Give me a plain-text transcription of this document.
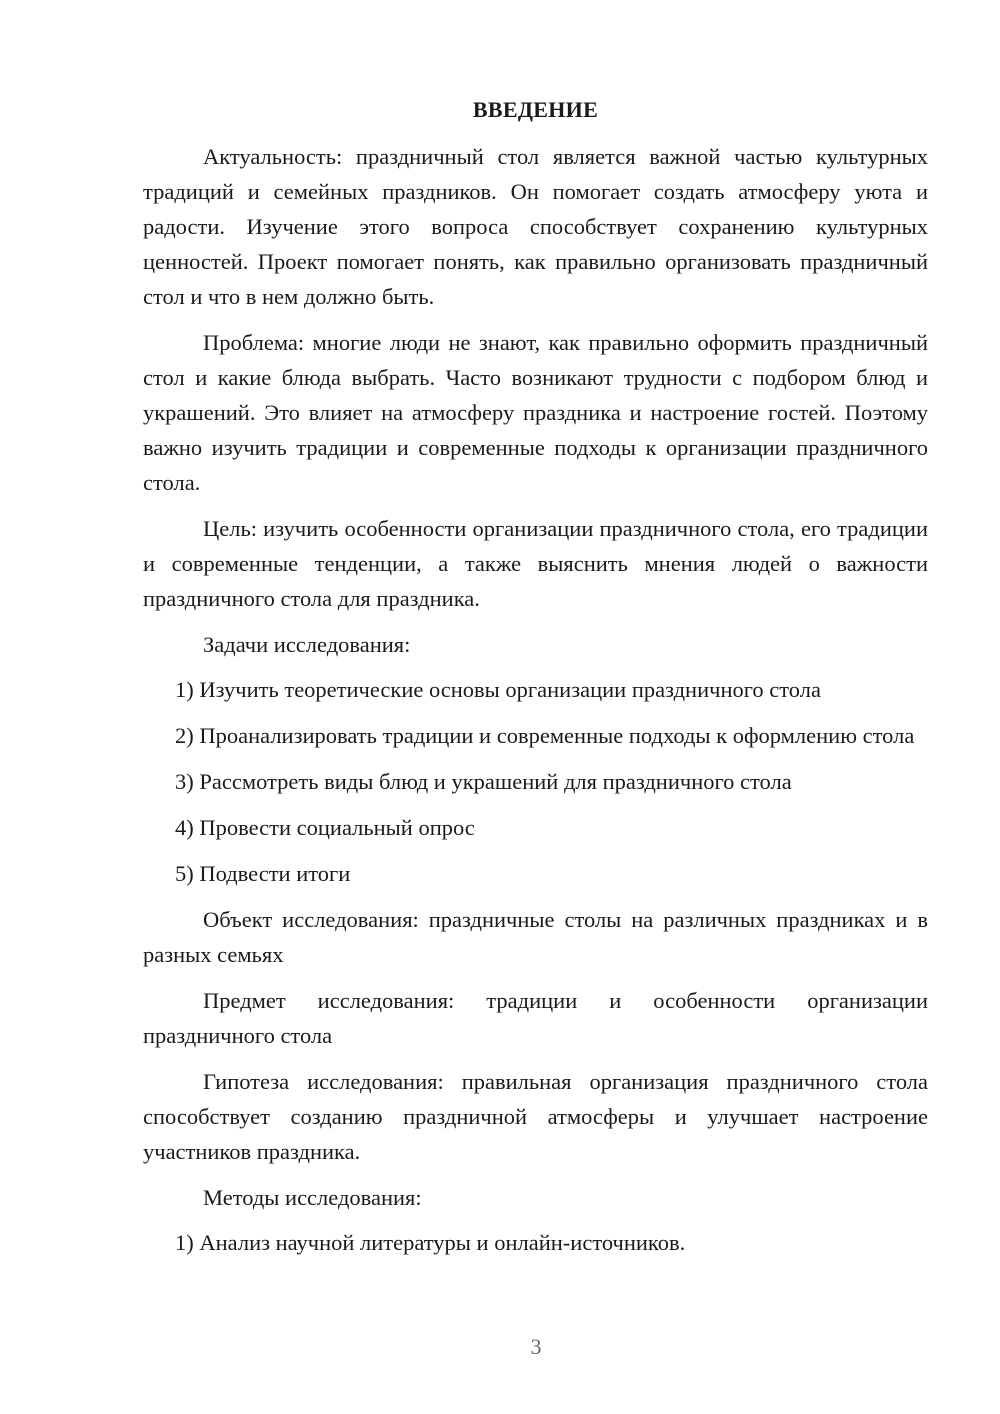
ВВЕДЕНИЕ

Актуальность: праздничный стол является важной частью культурных традиций и семейных праздников. Он помогает создать атмосферу уюта и радости. Изучение этого вопроса способствует сохранению культурных ценностей. Проект помогает понять, как правильно организовать праздничный стол и что в нем должно быть.

Проблема: многие люди не знают, как правильно оформить праздничный стол и какие блюда выбрать. Часто возникают трудности с подбором блюд и украшений. Это влияет на атмосферу праздника и настроение гостей. Поэтому важно изучить традиции и современные подходы к организации праздничного стола.

Цель: изучить особенности организации праздничного стола, его традиции и современные тенденции, а также выяснить мнения людей о важности праздничного стола для праздника.

Задачи исследования:

1) Изучить теоретические основы организации праздничного стола

2) Проанализировать традиции и современные подходы к оформлению стола

3) Рассмотреть виды блюд и украшений для праздничного стола

4) Провести социальный опрос

5) Подвести итоги

Объект исследования: праздничные столы на различных праздниках и в разных семьях

Предмет исследования: традиции и особенности организации праздничного стола

Гипотеза исследования: правильная организация праздничного стола способствует созданию праздничной атмосферы и улучшает настроение участников праздника.

Методы исследования:

1) Анализ научной литературы и онлайн-источников.

3
